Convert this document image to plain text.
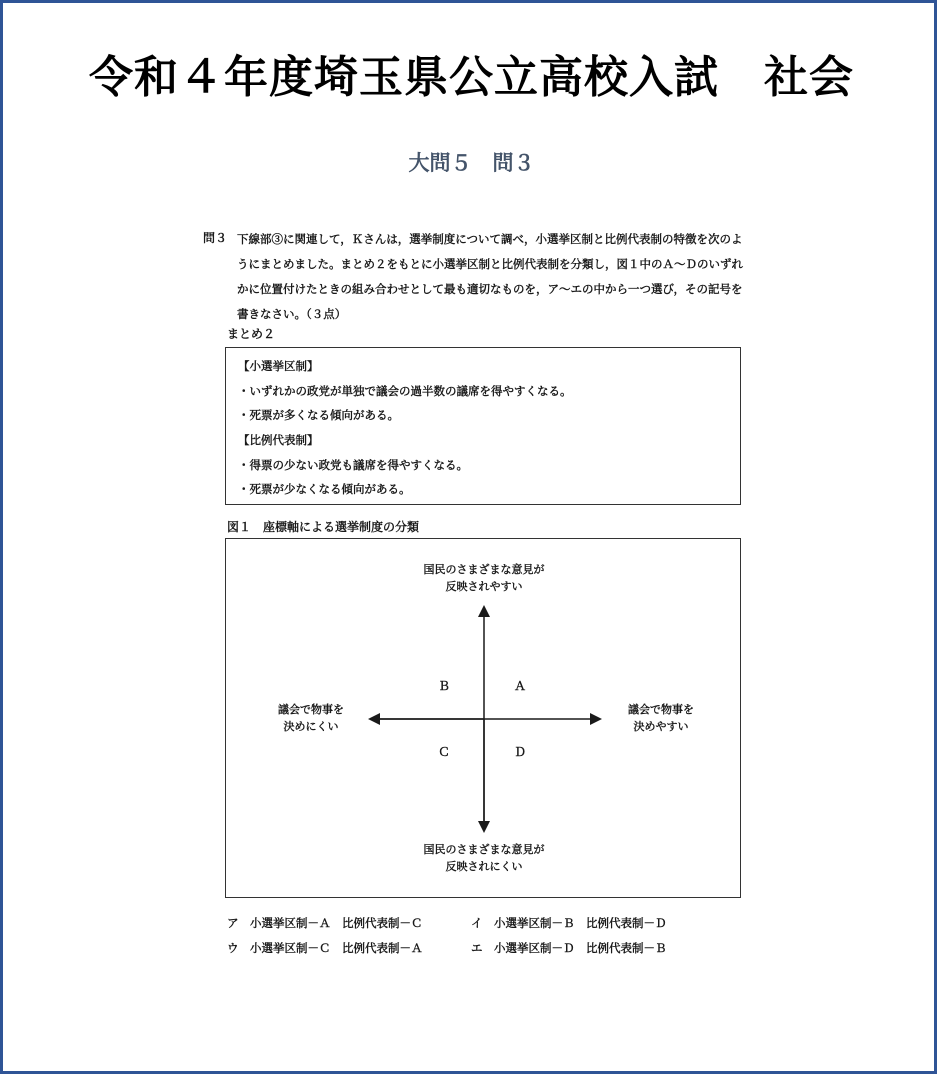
令和４年度埼玉県公立高校入試　社会
大問５　問３
問３ 下線部③に関連して，Ｋさんは，選挙制度について調べ，小選挙区制と比例代表制の特徴を次のようにまとめました。まとめ２をもとに小選挙区制と比例代表制を分類し，図１中のＡ～Ｄのいずれかに位置付けたときの組み合わせとして最も適切なものを，ア～エの中から一つ選び，その記号を書きなさい。（３点）
まとめ２
【小選挙区制】
・いずれかの政党が単独で議会の過半数の議席を得やすくなる。
・死票が多くなる傾向がある。
【比例代表制】
・得票の少ない政党も議席を得やすくなる。
・死票が少なくなる傾向がある。
図１　座標軸による選挙制度の分類
国民のさまざまな意見が
反映されやすい
国民のさまざまな意見が
反映されにくい
議会で物事を
決めにくい
議会で物事を
決めやすい
Ｂ	Ａ
Ｃ	Ｄ
ア　小選挙区制－Ａ　比例代表制－Ｃ	イ　小選挙区制－Ｂ　比例代表制－Ｄ
ウ　小選挙区制－Ｃ　比例代表制－Ａ	エ　小選挙区制－Ｄ　比例代表制－Ｂ
